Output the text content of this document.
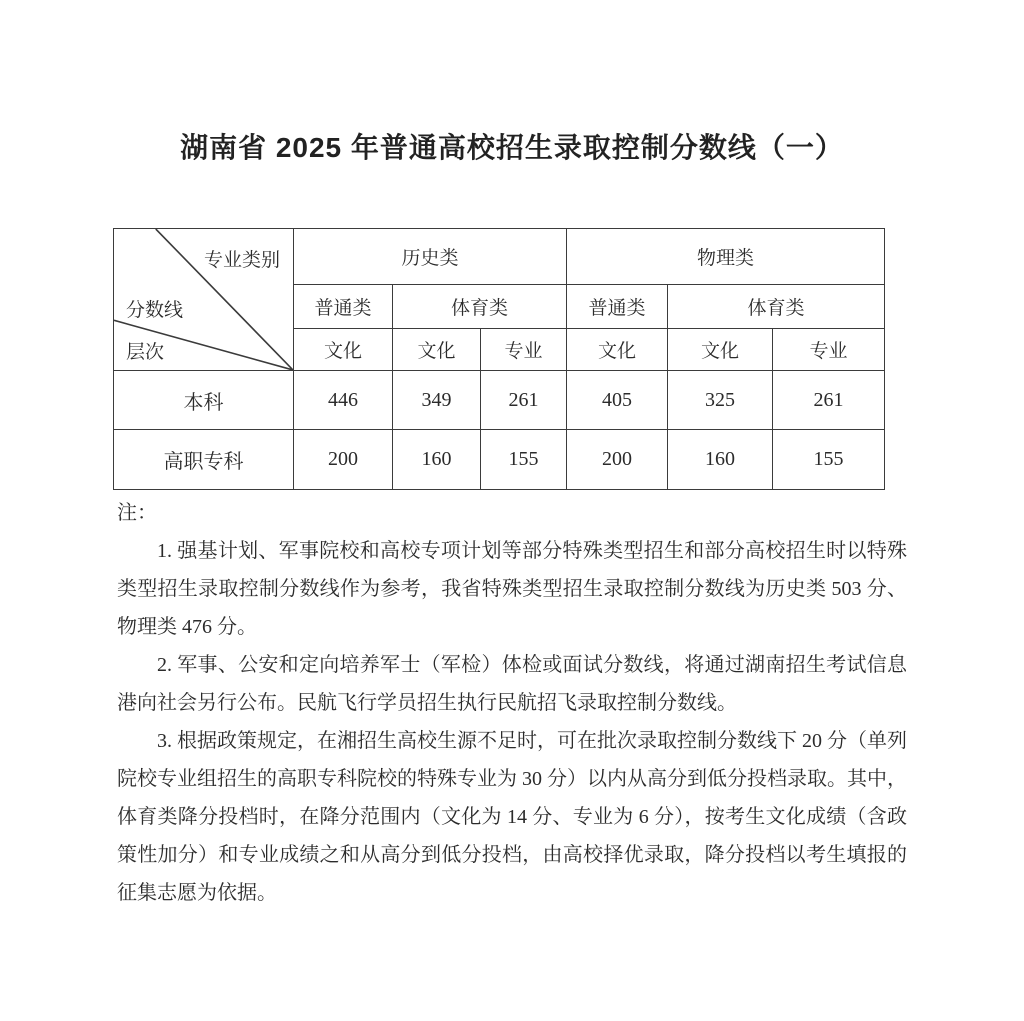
湖南省 2025 年普通高校招生录取控制分数线（一）
专业类别
分数线
层次	历史类			物理类		
	普通类	体育类		普通类	体育类	
	文化	文化	专业	文化	文化	专业
本科	446	349	261	405	325	261
高职专科	200	160	155	200	160	155

注：

1. 强基计划、军事院校和高校专项计划等部分特殊类型招生和部分高校招生时以特殊类型招生录取控制分数线作为参考，我省特殊类型招生录取控制分数线为历史类 503 分、物理类 476 分。

2. 军事、公安和定向培养军士（军检）体检或面试分数线，将通过湖南招生考试信息港向社会另行公布。民航飞行学员招生执行民航招飞录取控制分数线。

3. 根据政策规定，在湘招生高校生源不足时，可在批次录取控制分数线下 20 分（单列院校专业组招生的高职专科院校的特殊专业为 30 分）以内从高分到低分投档录取。其中，体育类降分投档时，在降分范围内（文化为 14 分、专业为 6 分），按考生文化成绩（含政策性加分）和专业成绩之和从高分到低分投档，由高校择优录取，降分投档以考生填报的征集志愿为依据。
